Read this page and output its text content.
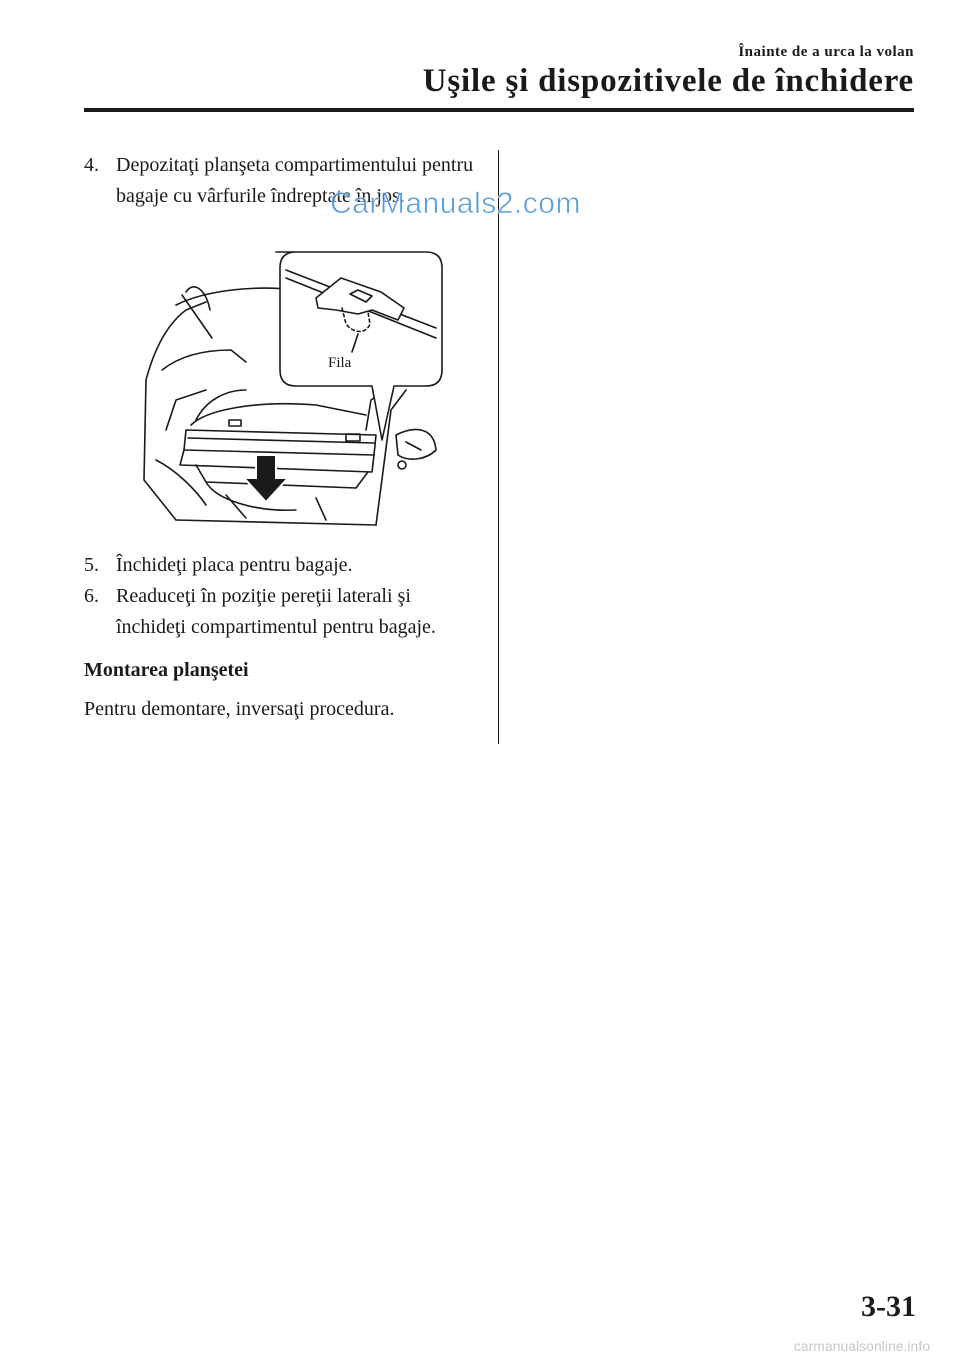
Înainte de a urca la volan
Uşile şi dispozitivele de închidere
4. Depozitaţi planşeta compartimentului pentru bagaje cu vârfurile îndreptate în jos.
Fila
5. Închideţi placa pentru bagaje.
6. Readuceţi în poziţie pereţii laterali şi închideţi compartimentul pentru bagaje.
Montarea planşetei

Pentru demontare, inversaţi procedura.

CarManuals2.com
3-31
carmanualsonline.info
